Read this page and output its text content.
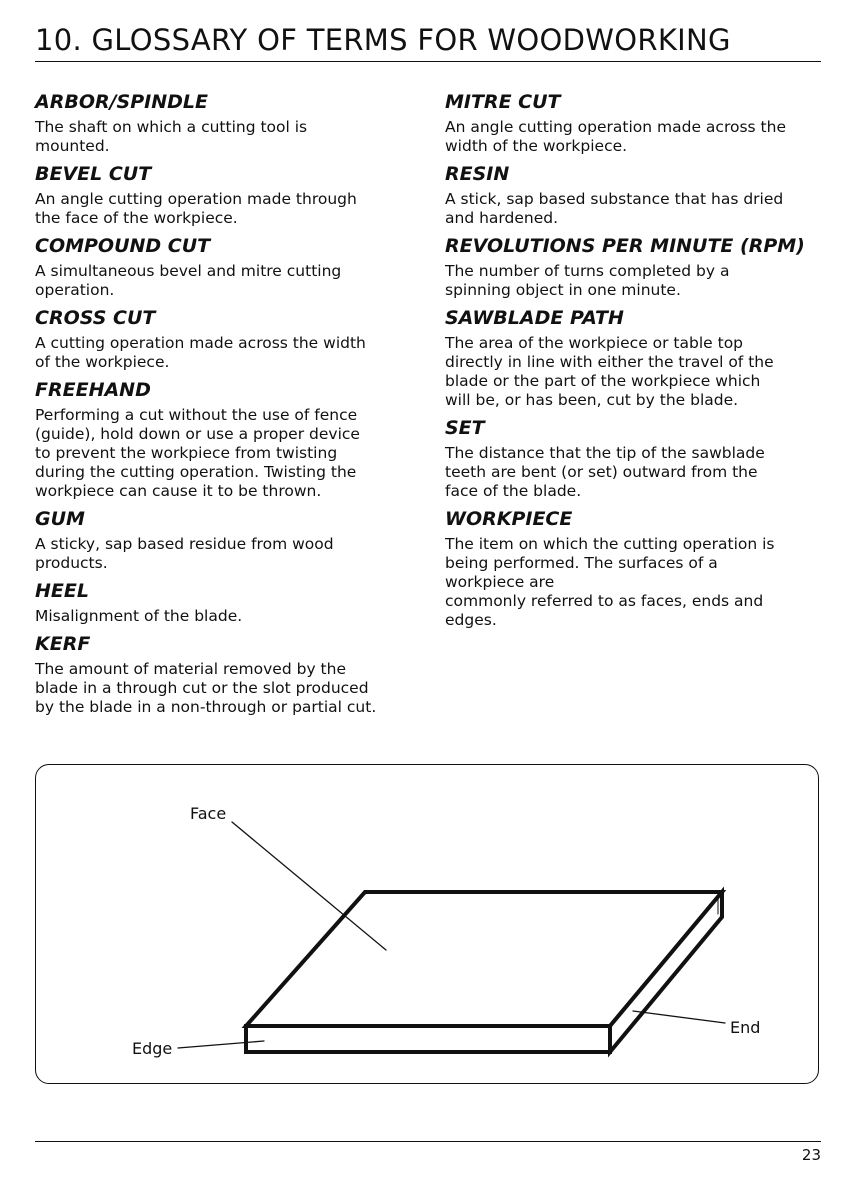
10. GLOSSARY OF TERMS FOR WOODWORKING
ARBOR/SPINDLE

The shaft on which a cutting tool is
mounted.

BEVEL CUT

An angle cutting operation made through
the face of the workpiece.

COMPOUND CUT

A simultaneous bevel and mitre cutting
operation.

CROSS CUT

A cutting operation made across the width
of the workpiece.

FREEHAND

Performing a cut without the use of fence
(guide), hold down or use a proper device
to prevent the workpiece from twisting
during the cutting operation. Twisting the
workpiece can cause it to be thrown.

GUM

A sticky, sap based residue from wood
products.

HEEL

Misalignment of the blade.

KERF

The amount of material removed by the
blade in a through cut or the slot produced
by the blade in a non-through or partial cut.

MITRE CUT

An angle cutting operation made across the
width of the workpiece.

RESIN

A stick, sap based substance that has dried
and hardened.

REVOLUTIONS PER MINUTE (RPM)

The number of turns completed by a
spinning object in one minute.

SAWBLADE PATH

The area of the workpiece or table top
directly in line with either the travel of the
blade or the part of the workpiece which
will be, or has been, cut by the blade.

SET

The distance that the tip of the sawblade
teeth are bent (or set) outward from the
face of the blade.

WORKPIECE

The item on which the cutting operation is
being performed. The surfaces of a
workpiece are
commonly referred to as faces, ends and
edges.

Face
Edge
End
23
